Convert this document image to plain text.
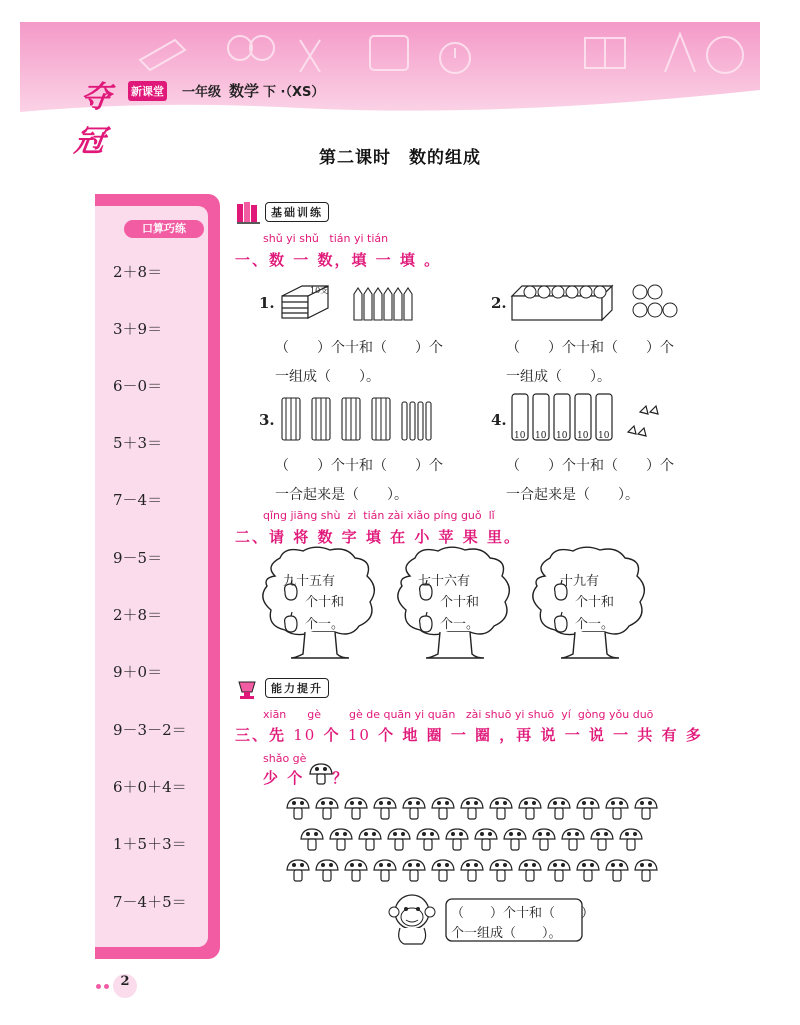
夺冠
新课堂 一年级 数学 下 ·（XS）
第二课时　数的组成
口算巧练
2＋8＝
3＋9＝
6－0＝
5＋3＝
7－4＝
9－5＝
2＋8＝
9＋0＝
9－3－2＝
6＋0＋4＝
1＋5＋3＝
7－4＋5＝
基础训练
shǔ yi shǔ   tián yi tián
一、数 一 数，填 一 填 。
1.
10支
（　　）个十和（　　）个
一组成（　　）。
2.
（　　）个十和（　　）个
一组成（　　）。
3.
（　　）个十和（　　）个
一合起来是（　　）。
4.
10 10 10 10 10
（　　）个十和（　　）个
一合起来是（　　）。
qǐng jiāng shù  zì  tián zài xiǎo píng guǒ  lǐ
二、请 将 数 字 填 在 小 苹 果 里。
九十五有
个十和
个一。
七十六有
个十和
个一。
十九有
个十和
个一。
能力提升
xiān      gè        gè de quān yi quān   zài shuō yi shuō  yí  gòng yǒu duō
三、先 10 个 10 个 地 圈 一 圈 ，再 说 一 说 一 共 有 多
shǎo gè
少 个 ？
（　　）个十和（　　）
个一组成（　　）。
2
